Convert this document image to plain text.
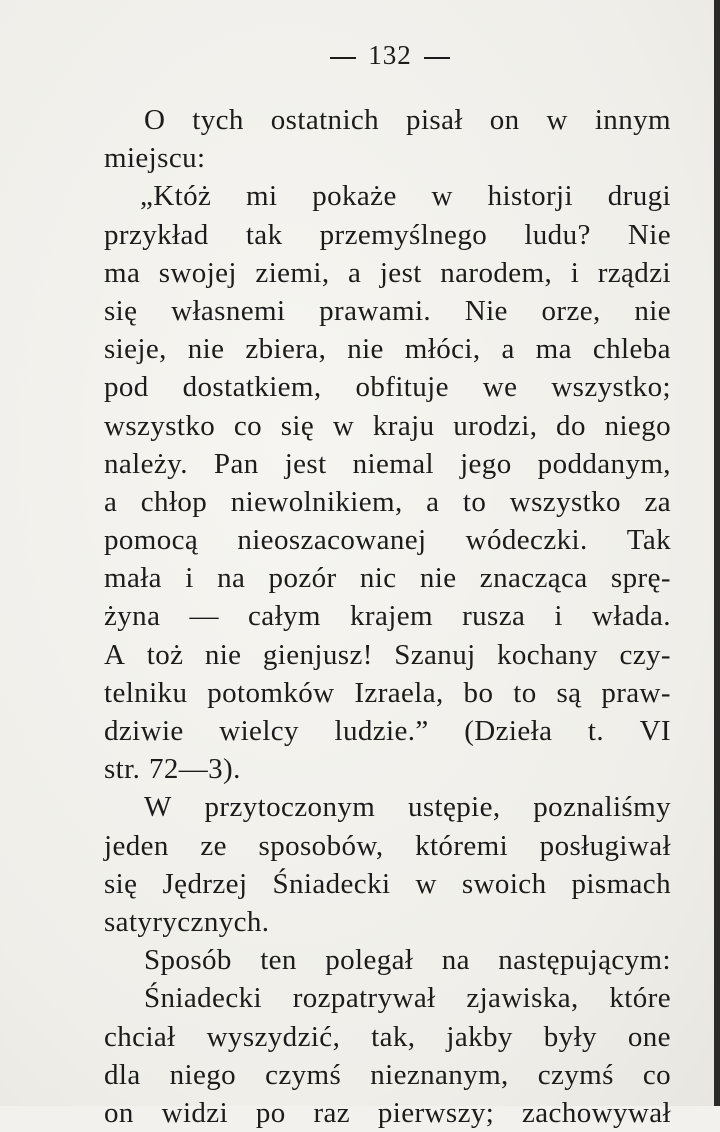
132
O tych ostatnich pisał on w innym
miejscu:
„Któż mi pokaże w historji drugi
przykład tak przemyślnego ludu? Nie
ma swojej ziemi, a jest narodem, i rządzi
się własnemi prawami. Nie orze, nie
sieje, nie zbiera, nie młóci, a ma chleba
pod dostatkiem, obfituje we wszystko;
wszystko co się w kraju urodzi, do niego
należy. Pan jest niemal jego poddanym,
a chłop niewolnikiem, a to wszystko za
pomocą nieoszacowanej wódeczki. Tak
mała i na pozór nic nie znacząca sprę-
żyna — całym krajem rusza i włada.
A toż nie gienjusz! Szanuj kochany czy-
telniku potomków Izraela, bo to są praw-
dziwie wielcy ludzie.” (Dzieła t. VI
str. 72—3).
W przytoczonym ustępie, poznaliśmy
jeden ze sposobów, któremi posługiwał
się Jędrzej Śniadecki w swoich pismach
satyrycznych.
Sposób ten polegał na następującym:
Śniadecki rozpatrywał zjawiska, które
chciał wyszydzić, tak, jakby były one
dla niego czymś nieznanym, czymś co
on widzi po raz pierwszy; zachowywał
